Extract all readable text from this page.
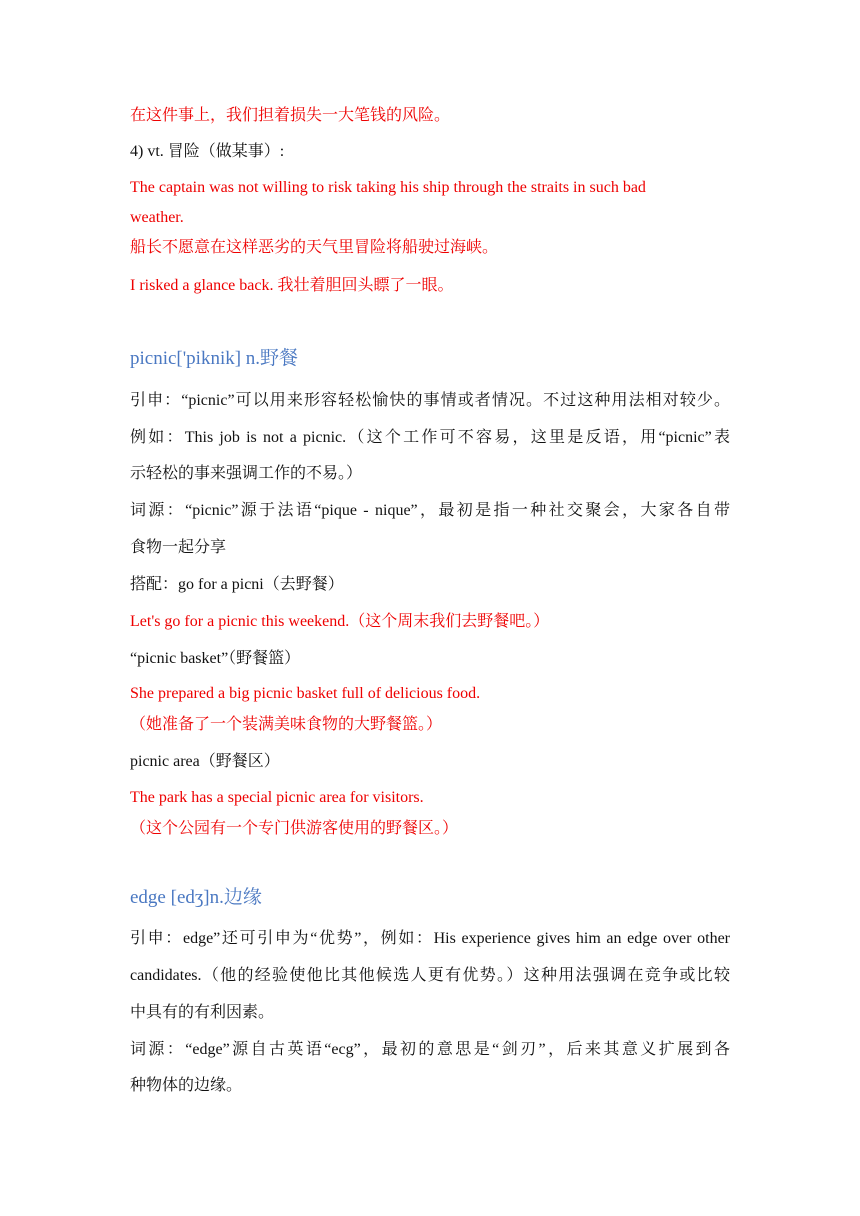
在这件事上，我们担着损失一大笔钱的风险。
4) vt. 冒险（做某事）:
The captain was not willing to risk taking his ship through the straits in such bad
weather.
船长不愿意在这样恶劣的天气里冒险将船驶过海峡。
I risked a glance back. 我壮着胆回头瞟了一眼。
picnic['piknik] n.野餐
引申：“picnic”可以用来形容轻松愉快的事情或者情况。不过这种用法相对较少。
例如：This job is not a picnic.（这个工作可不容易，这里是反语，用“picnic”表
示轻松的事来强调工作的不易。）
词源：“picnic”源于法语“pique - nique”，最初是指一种社交聚会，大家各自带
食物一起分享
搭配：go for a picni（去野餐）
Let's go for a picnic this weekend.（这个周末我们去野餐吧。）
“picnic basket”（野餐篮）
She prepared a big picnic basket full of delicious food.
（她准备了一个装满美味食物的大野餐篮。）
picnic area（野餐区）
The park has a special picnic area for visitors.
（这个公园有一个专门供游客使用的野餐区。）
edge [edʒ]n.边缘
引申：edge”还可引申为“优势”，例如：His experience gives him an edge over other
candidates.（他的经验使他比其他候选人更有优势。）这种用法强调在竞争或比较
中具有的有利因素。
词源：“edge”源自古英语“ecg”，最初的意思是“剑刃”，后来其意义扩展到各
种物体的边缘。
